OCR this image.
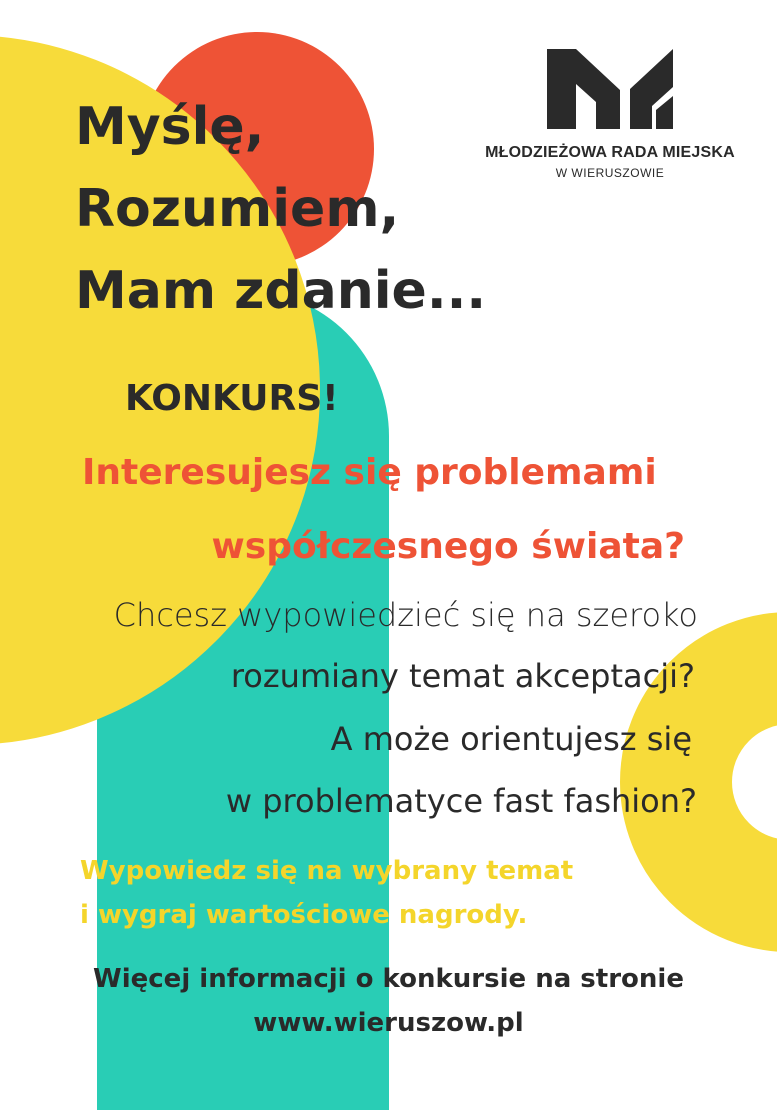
MŁODZIEŻOWA RADA MIEJSKA
W WIERUSZOWIE
Myślę,
Rozumiem,
Mam zdanie...
KONKURS!
Interesujesz się problemami
współczesnego świata?
Chcesz wypowiedzieć się na szeroko
rozumiany temat akceptacji?
A może orientujesz się
w problematyce fast fashion?
Wypowiedz się na wybrany temat
i wygraj wartościowe nagrody.
Więcej informacji o konkursie na stronie
www.wieruszow.pl
